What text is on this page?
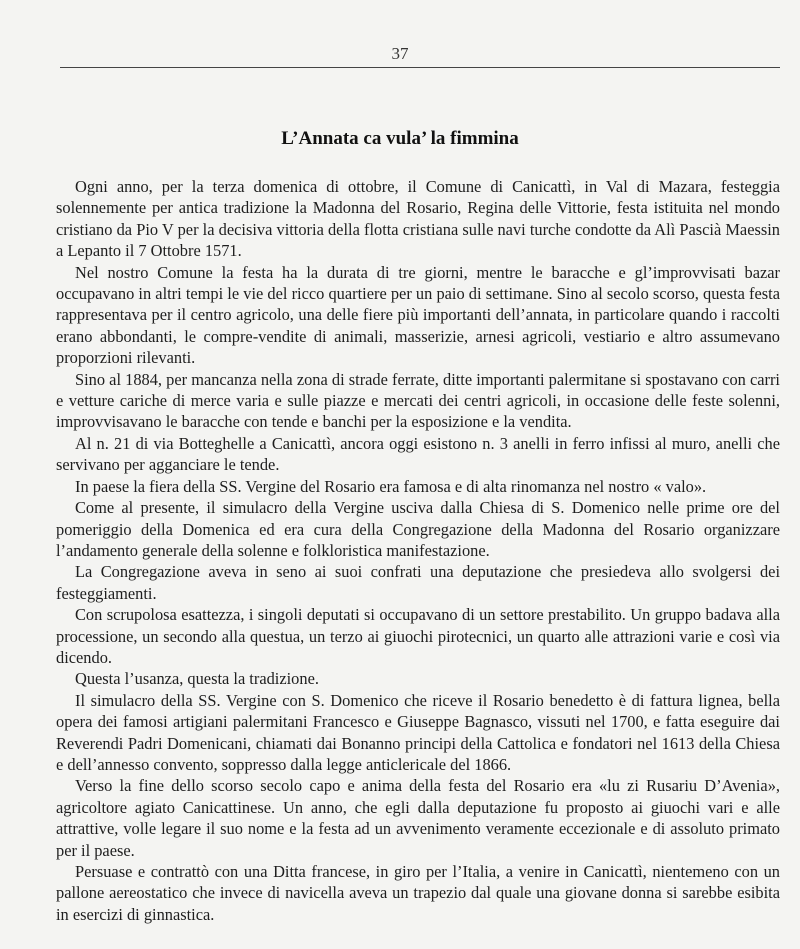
37
L’Annata ca vula’ la fimmina

Ogni anno, per la terza domenica di ottobre, il Comune di Canicattì, in Val di Mazara, festeggia solennemente per antica tradizione la Madonna del Rosario, Regina delle Vittorie, festa istituita nel mondo cristiano da Pio V per la decisiva vittoria della flotta cristiana sulle navi turche condotte da Alì Pascià Maessin a Lepanto il 7 Ottobre 1571.

Nel nostro Comune la festa ha la durata di tre giorni, mentre le baracche e gl’improvvisati bazar occupavano in altri tempi le vie del ricco quartiere per un paio di settimane. Sino al secolo scorso, questa festa rappresentava per il centro agricolo, una delle fiere più importanti dell’annata, in particolare quando i raccolti erano abbondanti, le compre-vendite di animali, masserizie, arnesi agricoli, vestiario e altro assumevano proporzioni rilevanti.

Sino al 1884, per mancanza nella zona di strade ferrate, ditte importanti palermitane si spostavano con carri e vetture cariche di merce varia e sulle piazze e mercati dei centri agricoli, in occasione delle feste solenni, improvvisavano le baracche con tende e banchi per la esposizione e la vendita.

Al n. 21 di via Botteghelle a Canicattì, ancora oggi esistono n. 3 anelli in ferro infissi al muro, anelli che servivano per agganciare le tende.

In paese la fiera della SS. Vergine del Rosario era famosa e di alta rinomanza nel nostro « valo».

Come al presente, il simulacro della Vergine usciva dalla Chiesa di S. Domenico nelle prime ore del pomeriggio della Domenica ed era cura della Congregazione della Madonna del Rosario organizzare l’andamento generale della solenne e folkloristica manifestazione.

La Congregazione aveva in seno ai suoi confrati una deputazione che presiedeva allo svolgersi dei festeggiamenti.

Con scrupolosa esattezza, i singoli deputati si occupavano di un settore prestabilito. Un gruppo badava alla processione, un secondo alla questua, un terzo ai giuochi pirotecnici, un quarto alle attrazioni varie e così via dicendo.

Questa l’usanza, questa la tradizione.

Il simulacro della SS. Vergine con S. Domenico che riceve il Rosario benedetto è di fattura lignea, bella opera dei famosi artigiani palermitani Francesco e Giuseppe Bagnasco, vissuti nel 1700, e fatta eseguire dai Reverendi Padri Domenicani, chiamati dai Bonanno principi della Cattolica e fondatori nel 1613 della Chiesa e dell’annesso convento, soppresso dalla legge anticlericale del 1866.

Verso la fine dello scorso secolo capo e anima della festa del Rosario era «lu zi Rusariu D’Avenia», agricoltore agiato Canicattinese. Un anno, che egli dalla deputazione fu proposto ai giuochi vari e alle attrattive, volle legare il suo nome e la festa ad un avvenimento veramente eccezionale e di assoluto primato per il paese.

Persuase e contrattò con una Ditta francese, in giro per l’Italia, a venire in Canicattì, nientemeno con un pallone aereostatico che invece di navicella aveva un trapezio dal quale una giovane donna si sarebbe esibita in esercizi di ginnastica.
